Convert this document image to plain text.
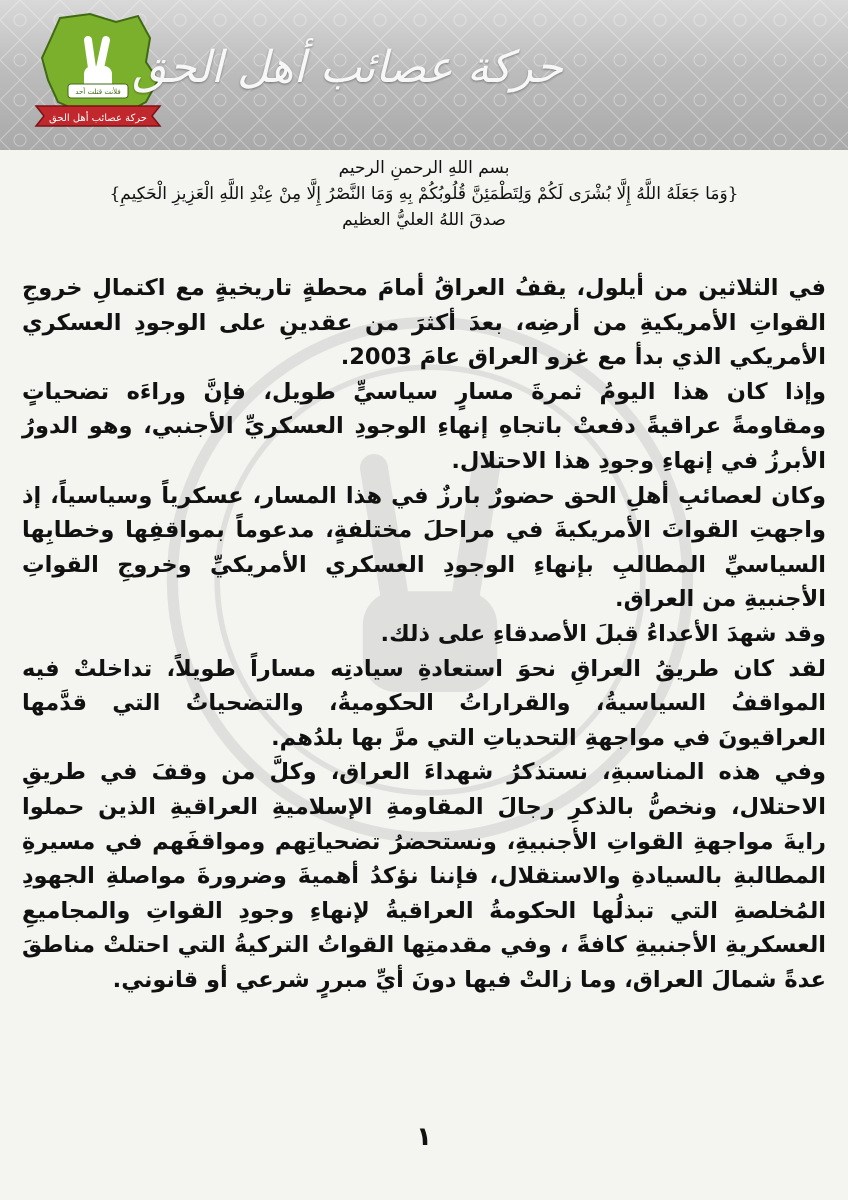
حركة عصائب أهل الحق
فلأنت قتلت أحد حركة عصائب أهل الحق
بسم اللهِ الرحمنِ الرحيم
{وَمَا جَعَلَهُ اللَّهُ إِلَّا بُشْرَى لَكُمْ وَلِتَطْمَئِنَّ قُلُوبُكُمْ بِهِ وَمَا النَّصْرُ إِلَّا مِنْ عِنْدِ اللَّهِ الْعَزِيزِ الْحَكِيمِ}
صدقَ اللهُ العليُّ العظيم

في الثلاثين من أيلول، يقفُ العراقُ أمامَ محطةٍ تاريخيةٍ مع اكتمالِ خروجِ القواتِ الأمريكيةِ من أرضِه، بعدَ أكثرَ من عقدينِ على الوجودِ العسكري الأمريكي الذي بدأ مع غزو العراق عامَ 2003.

وإذا كان هذا اليومُ ثمرةَ مسارٍ سياسيٍّ طويل، فإنَّ وراءَه تضحياتٍ ومقاومةً عراقيةً دفعتْ باتجاهِ إنهاءِ الوجودِ العسكريِّ الأجنبي، وهو الدورُ الأبرزُ في إنهاءِ وجودِ هذا الاحتلال.

وكان لعصائبِ أهلِ الحق حضورٌ بارزٌ في هذا المسار، عسكرياً وسياسياً، إذ واجهتِ القواتَ الأمريكيةَ في مراحلَ مختلفةٍ، مدعوماً بمواقفِها وخطابِها السياسيِّ المطالبِ بإنهاءِ الوجودِ العسكري الأمريكيِّ وخروجِ القواتِ الأجنبيةِ من العراق.

وقد شهدَ الأعداءُ قبلَ الأصدقاءِ على ذلك.

لقد كان طريقُ العراقِ نحوَ استعادةِ سيادتِه مساراً طويلاً، تداخلتْ فيه المواقفُ السياسيةُ، والقراراتُ الحكوميةُ، والتضحياتُ التي قدَّمها العراقيونَ في مواجهةِ التحدياتِ التي مرَّ بها بلدُهم.

وفي هذه المناسبةِ، نستذكرُ شهداءَ العراق، وكلَّ من وقفَ في طريقِ الاحتلال، ونخصُّ بالذكرِ رجالَ المقاومةِ الإسلاميةِ العراقيةِ الذين حملوا رايةَ مواجهةِ القواتِ الأجنبيةِ، ونستحضرُ تضحياتِهم ومواقفَهم في مسيرةِ المطالبةِ بالسيادةِ والاستقلال، فإننا نؤكدُ أهميةَ وضرورةَ مواصلةِ الجهودِ المُخلصةِ التي تبذلُها الحكومةُ العراقيةُ لإنهاءِ وجودِ القواتِ والمجاميعِ العسكريةِ الأجنبيةِ كافةً ، وفي مقدمتِها القواتُ التركيةُ التي احتلتْ مناطقَ عدةً شمالَ العراق، وما زالتْ فيها دونَ أيِّ مبررٍ شرعي أو قانوني.

١
